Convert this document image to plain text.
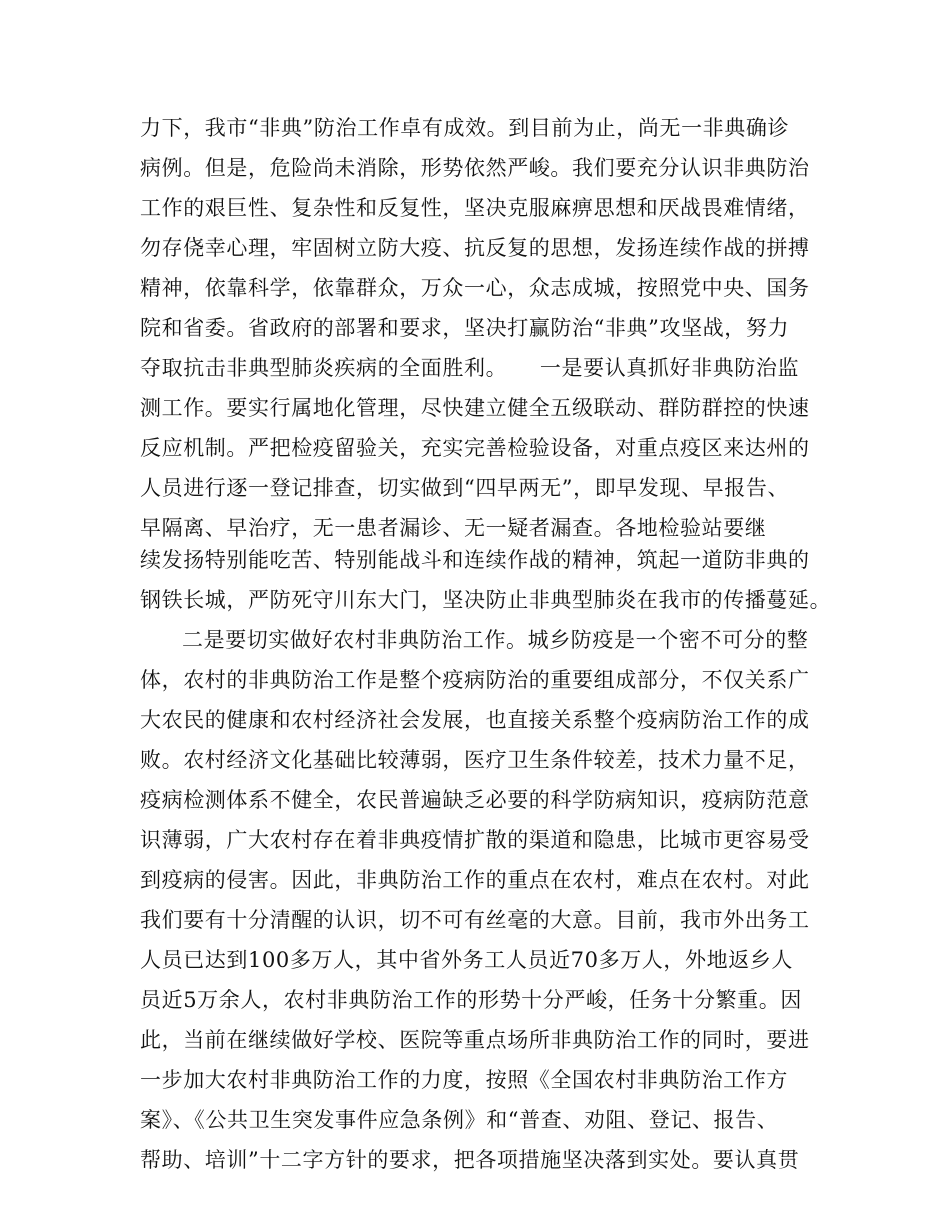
力下，我市“非典”防治工作卓有成效。到目前为止，尚无一非典确诊
病例。但是，危险尚未消除，形势依然严峻。我们要充分认识非典防治
工作的艰巨性、复杂性和反复性，坚决克服麻痹思想和厌战畏难情绪，
勿存侥幸心理，牢固树立防大疫、抗反复的思想，发扬连续作战的拼搏
精神，依靠科学，依靠群众，万众一心，众志成城，按照党中央、国务
院和省委。省政府的部署和要求，坚决打赢防治“非典”攻坚战，努力
夺取抗击非典型肺炎疾病的全面胜利。　　一是要认真抓好非典防治监
测工作。要实行属地化管理，尽快建立健全五级联动、群防群控的快速
反应机制。严把检疫留验关，充实完善检验设备，对重点疫区来达州的
人员进行逐一登记排查，切实做到“四早两无”，即早发现、早报告、
早隔离、早治疗，无一患者漏诊、无一疑者漏查。各地检验站要继
续发扬特别能吃苦、特别能战斗和连续作战的精神，筑起一道防非典的
钢铁长城，严防死守川东大门，坚决防止非典型肺炎在我市的传播蔓延。
二是要切实做好农村非典防治工作。城乡防疫是一个密不可分的整
体，农村的非典防治工作是整个疫病防治的重要组成部分，不仅关系广
大农民的健康和农村经济社会发展，也直接关系整个疫病防治工作的成
败。农村经济文化基础比较薄弱，医疗卫生条件较差，技术力量不足，
疫病检测体系不健全，农民普遍缺乏必要的科学防病知识，疫病防范意
识薄弱，广大农村存在着非典疫情扩散的渠道和隐患，比城市更容易受
到疫病的侵害。因此，非典防治工作的重点在农村，难点在农村。对此
我们要有十分清醒的认识，切不可有丝毫的大意。目前，我市外出务工
人员已达到100多万人，其中省外务工人员近70多万人，外地返乡人
员近5万余人，农村非典防治工作的形势十分严峻，任务十分繁重。因
此，当前在继续做好学校、医院等重点场所非典防治工作的同时，要进
一步加大农村非典防治工作的力度，按照《全国农村非典防治工作方
案》、《公共卫生突发事件应急条例》和“普查、劝阻、登记、报告、
帮助、培训”十二字方针的要求，把各项措施坚决落到实处。要认真贯
